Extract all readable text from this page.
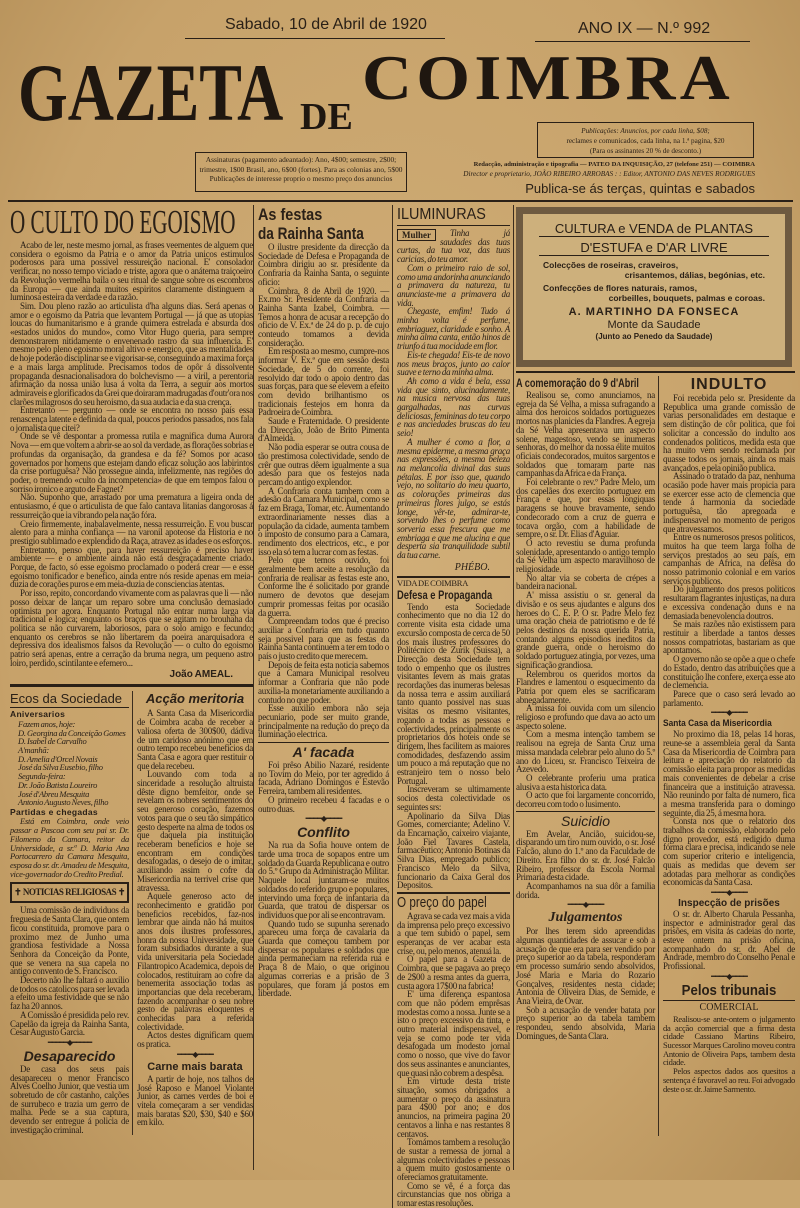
Sabado, 10 de Abril de 1920	ANO IX — N.º 992
GAZETA DE
COIMBRA
Assinaturas (pagamento adeantado): Ano, 4$00; semestre, 2$00; trimestre, 1$00 Brasil, ano, 6$00 (fortes). Para as colonias ano, 5$00 Publicações de interesse proprio o mesmo preço dos anuncios
Publicações: Anuncios, por cada linha, $08;
reclames e comunicados, cada linha, na 1.ª pagina, $20
(Para os assinantes 20 % de desconto.)
Redacção, administração e tipografia — PATEO DA INQUISIÇÃO, 27 (telefone 251) — COIMBRA
Director e proprietario, JOÃO RIBEIRO ARROBAS : : Editor, ANTONIO DAS NEVES RODRIGUES
Publica-se ás terças, quintas e sabados
O CULTO DO EGOISMO

Acabo de ler, neste mesmo jornal, as frases veementes de alguem que considera o egoismo da Patria e o amor da Patria unicos estimulos poderosos para uma possivel ressureição nacional. E' consolador verificar, no nosso tempo viciado e triste, agora que o anátema traiçoeiro da Revolução vermelha baila o seu ritual de sangue sobre os escombros da Europa — que ainda muitos espiritos claramente distinguem a luminosa esteira da verdade e da razão.

Sim. Dou pleno razão ao articulista d'ha alguns dias. Será apenas o amor e o egoismo da Patria que levantem Portugal — já que as utopias loucas do humanitarismo e a grande quimera estrelada e absurda dos «estados unidos do mundo», como Vitor Hugo queria, para sempre demonstrarem nitidamente o envenenado rastro da sua influencia. E' mesmo pelo pleno egoismo moral altivo e energico, que as mentalidades de hoje poderão disciplinar se e vigorisar-se, conseguindo a maxima força e a mais larga amplitude. Precisamos todos de opôr á dissolvente propaganda desnacionalisadora do bolchevismo — a viril, a perentoria afirmação da nossa união lusa á volta da Terra, a seguir aos mortos admiraveis e glorificados da Grei que doiraram madrugadas d'outr'ora nos clarões milagrosos do seu heroismo, da sua audacia e da sua crença.

Entretanto — pergunto — onde se encontra no nosso país essa renascença latente e definida da qual, poucos periodos passados, nos fala o jornalista que citei?

Onde se vê despontar a promessa rutila e magnifica duma Aurora Nova — em que voltem a abrir-se ao sol da verdade, as florações sobrias e profundas da organisação, da grandesa e da fé? Somos por acaso governados por homens que estejam dando eficaz solução aos labirintos da crise portuguêsa? Não prossegue ainda, infelizmente, nas regiões do poder, o tremendo «culto da incompetencia» de que em tempos falou o sorriso ironico e arguto de Fagnet?

Não. Suponho que, arrastado por uma prematura a ligeira onda de entusiasmo, é que o articulista de que falo cantava litanias dangorosas á ressurreição que ia vibrando pela nação fóra.

Creio firmemente, inabalavelmente, nessa ressurreição. E vou buscar alento para a minha confiança — na varonil apoteose da Historia e no prestigio sublimado e explendido da Raça, atravez as idades e os esforços.

Entretanto, penso que, para haver ressurreição é preciso haver ambiente — e o ambiente ainda não está desgraçadamente criado. Porque, de facto, só esse egoismo proclamado o poderá crear — e esse egoismo tonificador e benefico, ainda entre nós reside apenas em meia-duzia de corações puros e em meia-duzia de consciencias atentas.

Por isso, repito, concordando vivamente com as palavras que li — não posso deixar de lançar um reparo sobre uma conclusão demasiado optimista por agora. Enquanto Portugal não entrar numa larga via tradicional e logica; enquanto os braços que se agitam no brouhaha da politica se não curvarem, laboriosos, para o solo amigo e fecundo; enquanto os cerebros se não libertarem da poeira anarquisadora e depressiva dos idealismos falsos da Revolução — o culto do egoismo patrio será apenas, entre a cerração da bruma negra, um pequeno astro loiro, perdido, scintilante e efemero...

João AMEAL.
Ecos da Sociedade
Aniversarios
Fazem anos, hoje:
D. Georgina da Conceição Gomes
D. Isabel de Carvalho
A'manhã:
D. Amelia d'Orcel Novais
José da Silva Eusebio, filho
Segunda-feira:
Dr. João Batista Loureiro
José d'Abreu Mesquita
Antonio Augusto Neves, filho
Partidas e chegadas

Está em Coimbra, onde veio passar a Pascoa com seu pai sr. Dr. Filomeno da Camara, reitor da Universidade, a sr.ª D. Maria Ana Portocarrero da Camara Mesquita, esposa do sr. dr. Amadeu de Mesquita, vice-governador do Credito Predial.

✝ NOTICIAS RELIGIOSAS ✝

Uma comissão de individuos da freguesia de Santa Clara, que ontem ficou constituida, promove para o proximo mez de Junho uma grandiosa festividade a Nossa Senhora da Conceição da Ponte, que se venera na sua capela no antigo convento de S. Francisco.

Decerto não lhe faltará o auxilio de todos os catolicos para ser levada a efeito uma festividade que se não faz ha 20 annos.

A Comissão é presidida pelo rev. Capelão da igreja da Rainha Santa, Cesar Augusto Garcia.

━━━━━◆━━━━━
Desaparecido

De casa dos seus pais desapareceu o menor Francisco Alves Coelho Junior, que vestia um sobretudo de côr castanho, calções de surrubeco e trazia um gerro de malha. Pede se a sua captura, devendo ser entregue á policia de investigação criminal.

Acção meritoria

A Santa Casa da Misericordia de Coimbra acaba de receber a valiosa oferta de 300$00, dádiva de um caridoso anónimo que em outro tempo recebeu beneficios da Santa Casa e agora quer restituir o que dela recebeu.

Louvando com toda a sinceridade a resolução altruista dêste digno bemfeitor, onde se revelam os nobres sentimentos do seu generoso coração, fazemos votos para que o seu tão simpático gesto desperte na alma de todos os que daquela pia instituição receberam beneficios e hoje se encontram em condições desafogadas, o desejo de o imitar, auxiliando assim o cofre da Misericordia na terrivel crise que atravessa.

Aquele generoso acto de reconhecimento e gratidão por beneficios recebidos, faz-nos lembrar que ainda não há muitos anos dois ilustres professores, honra da nossa Universidade, que foram subsidiados durante a sua vida universitaria pela Sociedade Filantropico Academica, depois de colocados, restituiram ao cofre da benemerita associação todas as importancias que dela receberam, fazendo acompanhar o seu nobre gesto de palavras eloquentes e conhecidas para a referida colectividade.

Actos destes dignificam quem os pratica.

━━━━◆━━━━
Carne mais barata

A partir de hoje, nos talhos de José Raposo e Manoel Violante Junior, as carnes verdes de boi e vitela começaram a ser vendidas mais baratas $20, $30, $40 e $60 em kilo.

As festas
da Rainha Santa

O ilustre presidente da direcção da Sociedade de Defesa e Propaganda de Coimbra dirigiu ao sr. presidente da Confraria da Rainha Santa, o seguinte oficio:

Coimbra, 8 de Abril de 1920. — Ex.mo Sr. Presidente da Confraria da Rainha Santa Izabel, Coimbra. — Temos a honra de acusar a recepção do oficio de V. Ex.ª de 24 do p. p. de cujo conteudo tomamos a devida consideração.

Em resposta ao mesmo, cumpre-nos informar V. Ex.ª que em sessão desta Sociedade, de 5 do corrente, foi resolvido dar todo o apoio dentro das suas forças, para que se elevem a efeito com devido brilhantismo os tradicionais festejos em honra da Padroeira de Coimbra.

Saude e Fraternidade. O presidente da Direcção, João de Brito Pimenta d'Almeida.

Não podia esperar se outra cousa de tão prestimosa colectividade, sendo de crêr que outras dêem igualmente a sua adesão para que os festejos nada percam do antigo explendor.

A Confraria conta tambem com a adesão da Camara Municipal, como se faz em Braga, Tomar, etc. Aumentando extraordinariamente nesses dias a população da cidade, aumenta tambem o imposto de consumo para a Camara, rendimento dos electricos, etc., e por isso ela só tem a lucrar com as festas.

Pelo que temos ouvido, foi geralmente bem aceite a resolução da confraria de realisar as festas este ano, Conforme lhe é solicitado por grande numero de devotos que desejam cumprir promessas feitas por ocasião da guerra.

Compreendam todos que é preciso auxiliar a Confraria em tudo quanto seja possivel para que as festas da Rainha Santa continuem a ter em todo o país o justo credito que merecem.

Depois de feita esta noticia sabemos que a Camara Municipal resolveu informar a Confraria que não pode auxilia-la monetariamente auxiliando a contudo no que poder.

Esse auxilio embora não seja pecuniario, pode ser muito grande, principalmente na redução do preço da iluminação electrica.

A' facada

Foi prêso Abilio Nazaré, residente no Tovim do Meio, por ter agredido á facada, Adriano Domingos e Estevão Ferreira, tambem ali residentes.

O primeiro recebeu 4 facadas e o outro duas.

━━━━◆━━━━
Conflito

Na rua da Sofia houve ontem de tarde uma troca de sopapos entre um soldado da Guarda Republicana e outro do 5.º Grupo da Administração Militar. Naquele local juntaram-se muitos soldados do referido grupo e populares, intervindo uma força de infantaria da Guarda, que tratou de dispersar os individuos que por ali se encontravam.

Quando tudo se supunha serenado apareceu uma força de cavalaria da Guarda que começou tambem por dispersar os populares e soldados que ainda permaneciam na referida rua e Praça 8 de Maio, o que originou algumas correrias e a prisão de 3 populares, que foram já postos em liberdade.

ILUMINURAS
Mulher	Tinha já saudades das tuas curtas, da tua voz, das tuas caricias, do teu amor.

Com o primeiro raio de sol, como uma andorinha anunciando a primavera da natureza, tu anunciaste-me a primavera da vida.

Chegaste, emfim! Tudo á minha volta é perfume, embriaguez, claridade e sonho. A minha alma canta, então hinos de triunfo á tua mocidade em flor.

Eis-te chegada! Eis-te de novo nos meus braços, junto ao calor suave e terno da minha alma.

Ah como a vida é bela, essa vida que sinto, alucinadamente, na musica nervosa das tuas gargalhadas, nas curvas deliciosas, femininas do teu corpo e nas anciedades bruscas do teu seio!

A mulher é como a flor, a mesma epiderme, a mesma graça nas expressões, a mesma beleza na melancolia divinal das suas pétalas. E por isso que, quando vejo, no solitario do meu quarto, as colorações primeiras das primeiras flores julgo, se estás longe, vêr-te, admirar-te, sorvendo lhes o perfume como sorveria essa frescura que me embriaga e que me alucina e que desperta sia tranquilidade subtil da tua carne.

PHÉBO.
VIDA DE COIMBRA
Defesa e Propaganda

Tendo esta Sociedade conhecimento que no dia 12 do corrente visita esta cidade uma excursão composta de cerca de 50 dos mais ilustres professores do Politécnico de Zurik (Suissa), a Direcção desta Sociedade tem todo o empenho que os ilustres visitantes levem as mais gratas recordações das inumeras belesas da nossa terra e assim auxiliará tanto quanto possivel nas suas visitas os mesmo visitantes, rogando a todas as pessoas e colectividades, principalmente os proprietarios dos hoteis onde se dirigem, lhes facilitem as maiores comodidades, desfazendo assim um pouco a má reputação que no estranjeiro tem o nosso belo Portugal.

Inscreveram se ultimamente socios desta colectividade os seguintes srs:

Apolinario da Silva Dias Gomes, comerciante; Adelino V. da Encarnação, caixeiro viajante, João Fiel Tavares Castela, farmacêutico; Antonio Botinas da Silva Dias, empregado publico; Francisco Melo da Silva, funcionario da Caixa Geral dos Depositos.

O preço do papel

Agrava se cada vez mais a vida da imprensa pelo preço excessivo a que tem subido o papel, sem esperanças de ver acabar esta crise, ou, pelo menos, atenuá la.

O papel para a Gazeta de Coimbra, que se pagava ao preço de 2$00 a resma antes da guerra, custa agora 17$00 na fabrica!

E' uma diferença espantosa com que não pódem emprêsas modestas como a nossa. Junte se a isto o preço excessivo da tinta, e outro material indispensavel, e veja se como pode ter vida desafogada um modesto jornal como o nosso, que vive do favor dos seus assinantes e anunciantes, que quasi não cobrem a despêsa.

Em virtude desta triste situação, somos obrigados a aumentar o preço da assinatura para 4$00 por ano; e dos anuncios, na primeira pagina 20 centavos a linha e nas restantes 8 centavos.

Tomámos tambem a resolução de sustar a remessa de jornal a algumas colectividades e pessoas a quem muito gostosamente o oferecíamos gratuitamente.

Como se vê, é a força das circunstancias que nos obriga a tomar estas resoluções.

CULTURA e VENDA de PLANTAS
D'ESTUFA e D'AR LIVRE
Colecções de roseiras, craveiros,
crisantemos, dálias, begónias, etc.
Confecções de flores naturais, ramos,
corbeilles, bouquets, palmas e coroas.
A. MARTINHO DA FONSECA
Monte da Saudade
(Junto ao Penedo da Saudade)
A comemoração do 9 d'Abril

Realisou se, como anunciamos, na egreja da Sé Velha, a missa sufragando a alma dos heroicos soldados portuguezes mortos nas planicies da Flandres. A egreja da Sé Velha apresentava um aspecto solene, magestoso, vendo se inumeras senhoras, do melhor da nossa élite muitos oficiais condecorados, muitos sargentos e soldados que tomaram parte nas campanhas da Africa e da França.

Foi celebrante o rev.º Padre Melo, um dos capelães dos exercito portuguez em França e que, por essas longiquas paragens se houve bravamente, sendo condecorado com a cruz de guerra e tocava orgão, com a habilidade de sempre, o sr. Dr. Elias d'Aguiar.

O acto revestiu se duma profunda solenidade, apresentando o antigo templo da Sé Velha um aspecto maravilhoso de religiosidade.

No altar via se coberta de crépes a bandeira nacional.

A' missa assistiu o sr. general da divisão e os seus ajudantes e alguns dos heroes do C. E. P. O sr. Padre Melo fez uma oração cheia de patriotismo e de fé pelos destinos da nossa querida Patria, contando alguns episodios ineditos da grande guerra, onde o heroismo do soldado portuguez atingia, por vezes, uma significação grandiosa.

Relembrou os queridos mortos da Flandres e lamentou o esquecimento da Patria por quem eles se sacrificaram abnegadamente.

A missa foi ouvida com um silencio religioso e profundo que dava ao acto um aspecto solene.

Com a mesma intenção tambem se realisou na egreja de Santa Cruz uma missa mandada celebrar pelo aluno do 5.º ano do Liceu, sr. Francisco Teixeira de Azevedo.

O celebrante proferiu uma pratica alusiva a esta historica data.

O acto que foi largamente concorrido, decorreu com todo o lusimento.

Suicidio

Em Avelar, Ancião, suicidou-se, disparando um tiro num ouvido, o sr. José Falcão, aluno do 1.º ano da Faculdade de Direito. Era filho do sr. dr. José Falcão Ribeiro, professor da Escola Normal Primaria desta cidade.

Acompanhamos na sua dôr a familia dorida.

━━━━◆━━━━
Julgamentos

Por lhes terem sido apreendidas algumas quantidades de assucar e sob a acusação de que era para ser vendido por preço superior ao da tabela, responderam em processo sumário sendo absolvidos, José Maria e Maria do Rozario Gonçalves, residentes nesta cidade; Antonia de Oliveira Dias, de Semide, e Ana Vieira, de Ovar.

Sob a acusação de vender batata por preço superior ao da tabela tambem respondeu, sendo absolvida, Maria Domingues, de Santa Clara.

INDULTO

Foi recebida pelo sr. Presidente da Republica uma grande comissão de varias personalidades em destaque e sem distinção de côr politica, que foi solicitar a concessão do indulto aos condenados politicos, medida esta que ha muito vem sendo reclamada por quasse todos os jornais, ainda os mais avançados, e pela opinião publica.

Assinado o tratado da paz, nenhuma ocasião pode haver mais propicia para se exercer esse acto de clemencia que tende á harmonia da sociedade portuguêsa, tão apregoada e indispensavel no momento de perigos que atravessamos.

Entre os numerosos presos politicos, muitos ha que teem larga folha de serviços prestados ao seu país, em campanhas de Africa, na defêsa do nosso patrimonio colonial e em varios serviços publicos.

Do julgamento dos presos politicos resultaram flagrantes injustiças, na dura e excessiva condenação duns e na demasiada benevolencia doutros.

Se mais razões não existissem para restituir a liberdade a tantos desses nossos compatriotas, bastariam as que apontamos.

O governo não se opõe a que o chefe do Estado, dentro das atribuições que a constituição lhe confere, exerça esse ato de clemencia.

Parece que o caso será levado ao parlamento.

━━━━◆━━━━
Santa Casa da Misericordia

No proximo dia 18, pelas 14 horas, reune-se a assembleia geral da Santa Casa da Misericordia de Coimbra para leitura e apreciação do relatorio da comissão eleita para propor as medidas mais convenientes de debelar a crise financeira que a instituição atravessa. Não reunindo por falta de numero, fica a mesma transferida para o domingo seguinte, dia 25, á mesma hora.

Consta nos que o relatorio dos trabalhos da comissão, elaborado pelo digno provedor, está redigido duma fórma clara e precisa, indicando se nele com superior criterio e inteligencia, quais as medidas que devem ser adotadas para melhorar as condições economicas da Santa Casa.

━━━━◆━━━━
Inspecção de prisões

O sr. dr. Alberto Charula Pessanha, inspector e administrador geral das prisões, em visita ás cadeias do norte, esteve ontem na prisão oficina, acompanhado do sr. dr. Abel de Andrade, membro do Conselho Penal e Profissional.

━━━━◆━━━━
Pelos tribunais
COMERCIAL

Realisou-se ante-ontem o julgamento da acção comercial que a firma desta cidade Cassiano Martins Ribeiro, Sucessor Marques Carolino moveu contra Antonio de Oliveira Paps, tambem desta cidade.

Pelos aspectos dados aos quesitos a sentença é favoravel ao reu. Foi advogado deste o sr. dr. Jaime Sarmento.
